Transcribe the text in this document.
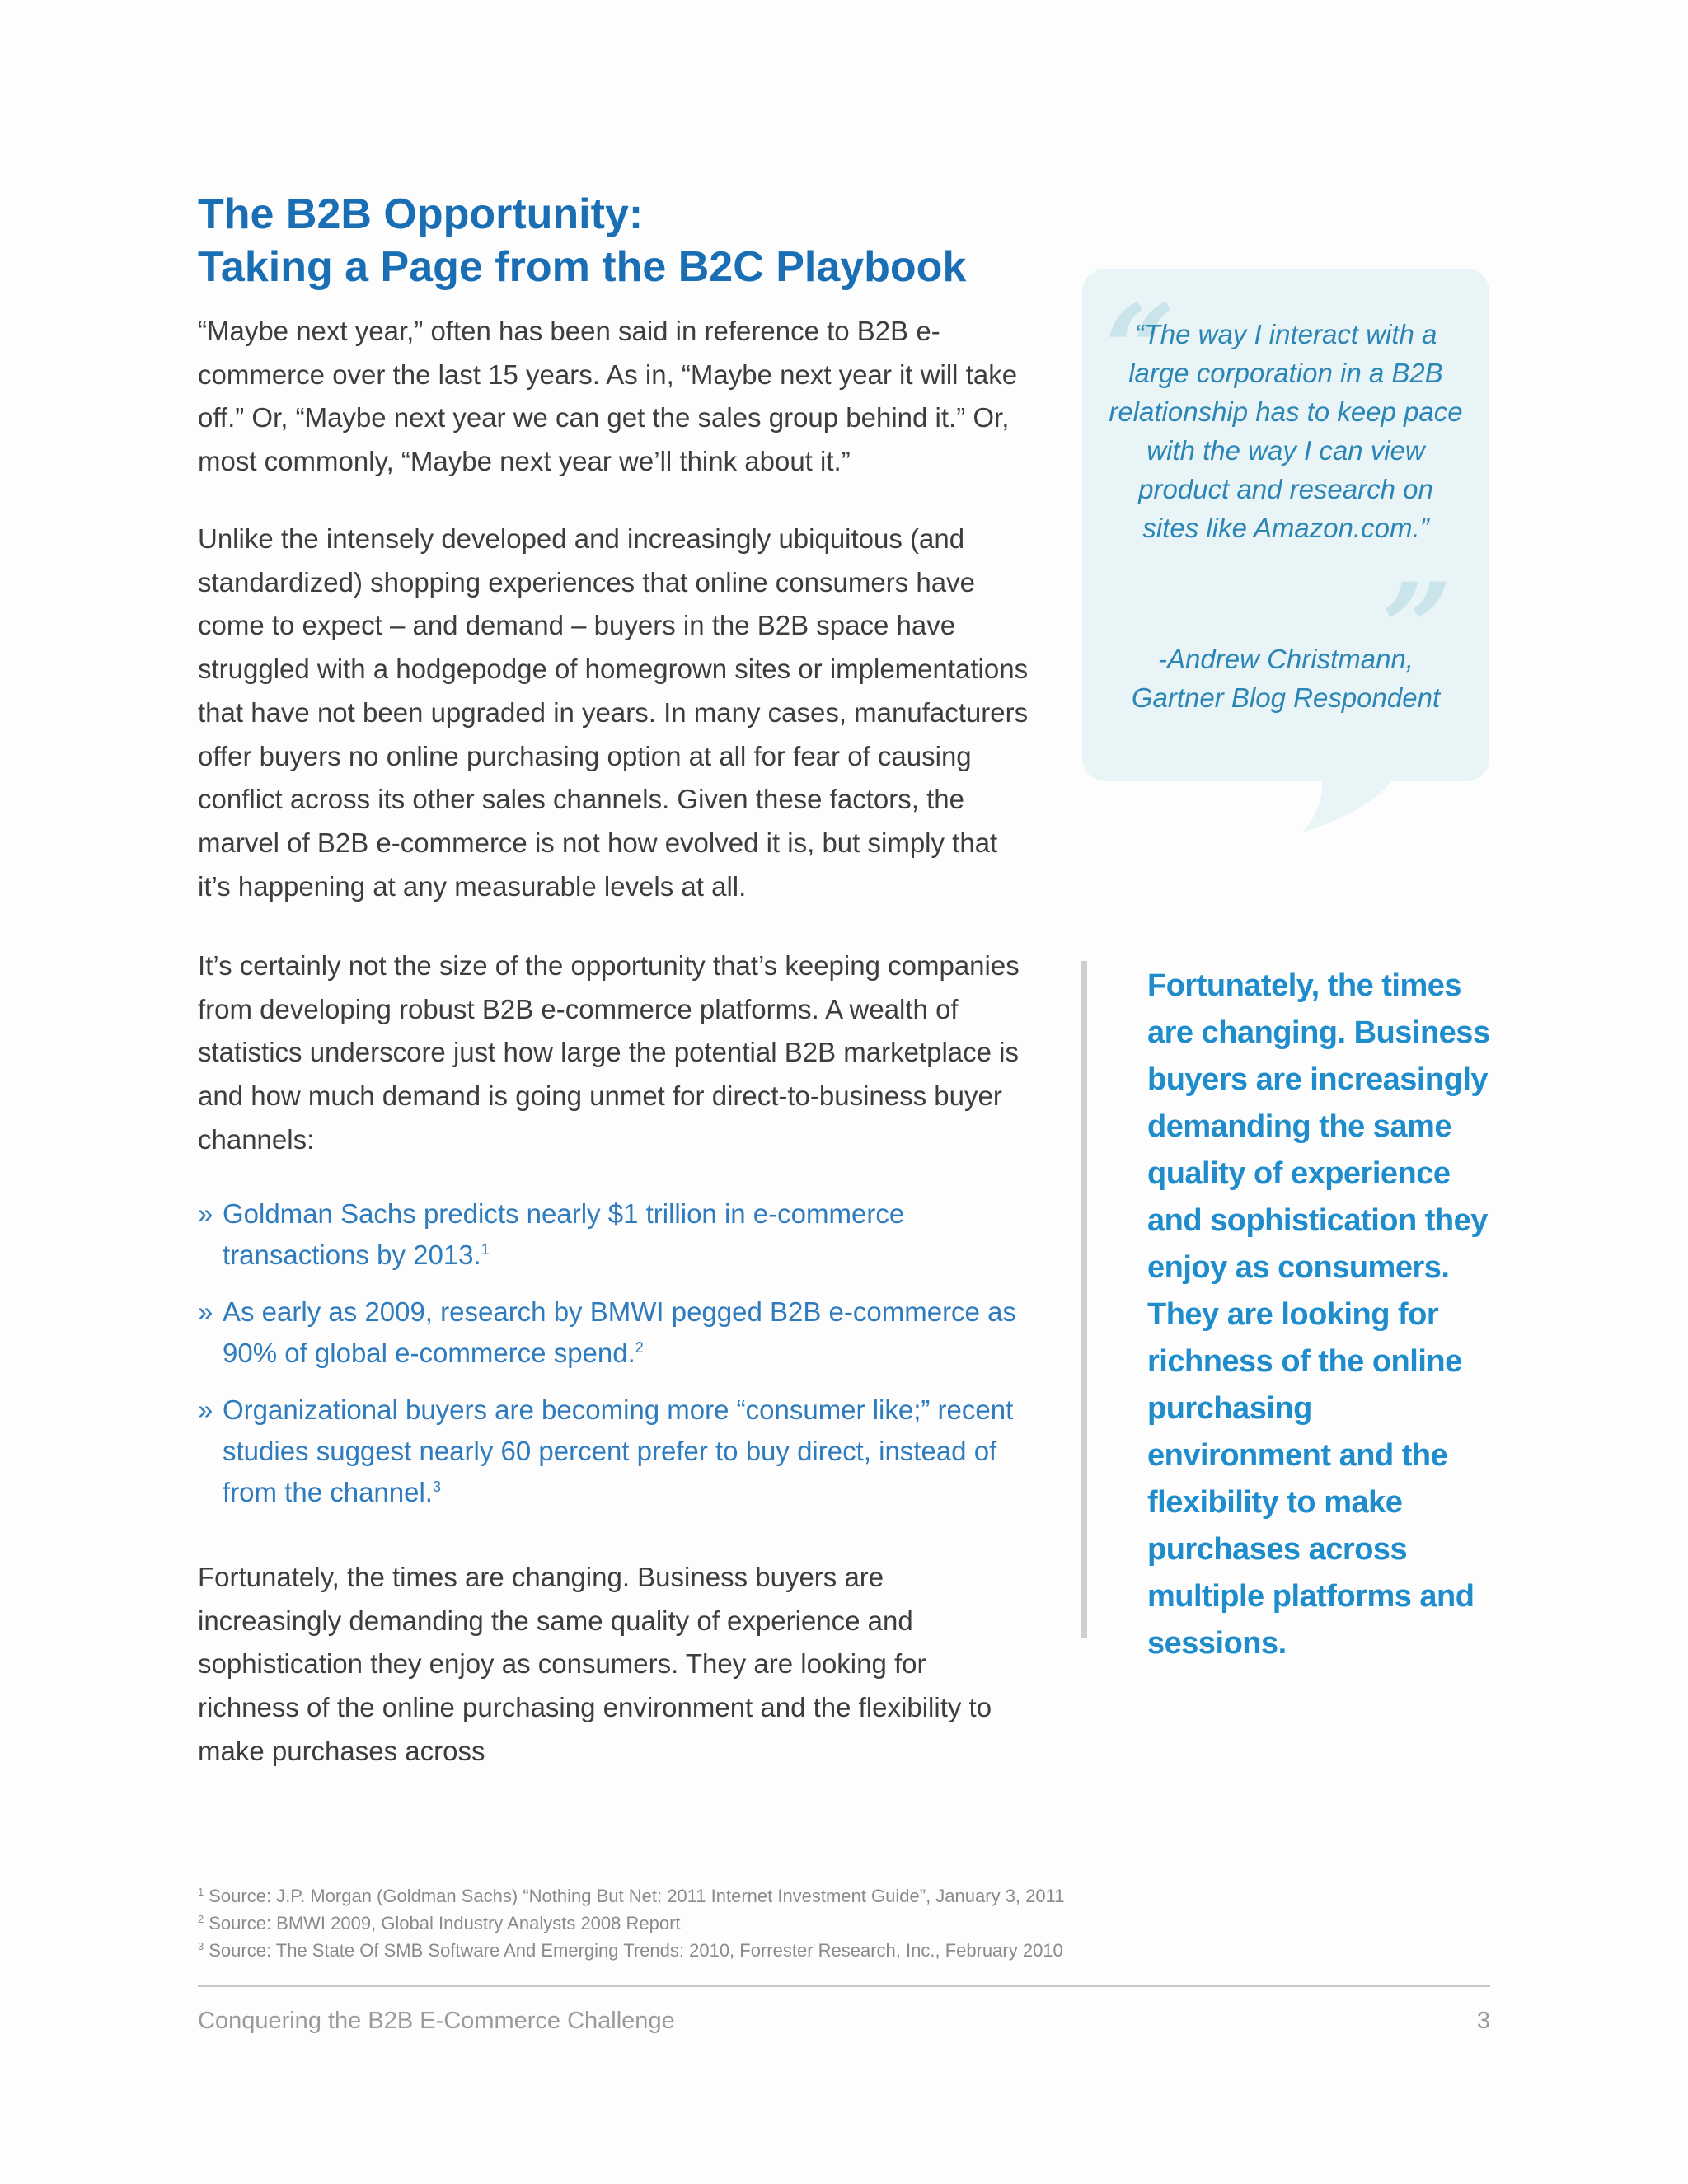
The B2B Opportunity:
Taking a Page from the B2C Playbook

“Maybe next year,” often has been said in reference to B2B e-commerce over the last 15 years. As in, “Maybe next year it will take off.” Or, “Maybe next year we can get the sales group behind it.” Or, most commonly, “Maybe next year we’ll think about it.”

Unlike the intensely developed and increasingly ubiquitous (and standardized) shopping experiences that online consumers have come to expect – and demand – buyers in the B2B space have struggled with a hodgepodge of homegrown sites or implementations that have not been upgraded in years. In many cases, manufacturers offer buyers no online purchasing option at all for fear of causing conflict across its other sales channels. Given these factors, the marvel of B2B e-commerce is not how evolved it is, but simply that it’s happening at any measurable levels at all.

It’s certainly not the size of the opportunity that’s keeping companies from developing robust B2B e-commerce platforms. A wealth of statistics underscore just how large the potential B2B marketplace is and how much demand is going unmet for direct-to-business buyer channels:

» Goldman Sachs predicts nearly $1 trillion in e-commerce transactions by 2013.$^1$
» As early as 2009, research by BMWI pegged B2B e-commerce as 90% of global e-commerce spend.$^2$
» Organizational buyers are becoming more “consumer like;” recent studies suggest nearly 60 percent prefer to buy direct, instead of from the channel.$^3$

Fortunately, the times are changing. Business buyers are increasingly demanding the same quality of experience and sophistication they enjoy as consumers. They are looking for richness of the online purchasing environment and the flexibility to make purchases across

“
”

“The way I interact with a large corporation in a B2B relationship has to keep pace with the way I can view product and research on sites like Amazon.com.”

-Andrew Christmann,
Gartner Blog Respondent

Fortunately, the times are changing. Business buyers are increasingly demanding the same quality of experience and sophistication they enjoy as consumers. They are looking for richness of the online purchasing environment and the flexibility to make purchases across multiple platforms and sessions.

$^1$ Source: J.P. Morgan (Goldman Sachs) “Nothing But Net: 2011 Internet Investment Guide”, January 3, 2011
$^2$ Source: BMWI 2009, Global Industry Analysts 2008 Report
$^3$ Source: The State Of SMB Software And Emerging Trends: 2010, Forrester Research, Inc., February 2010
Conquering the B2B E-Commerce Challenge	3
